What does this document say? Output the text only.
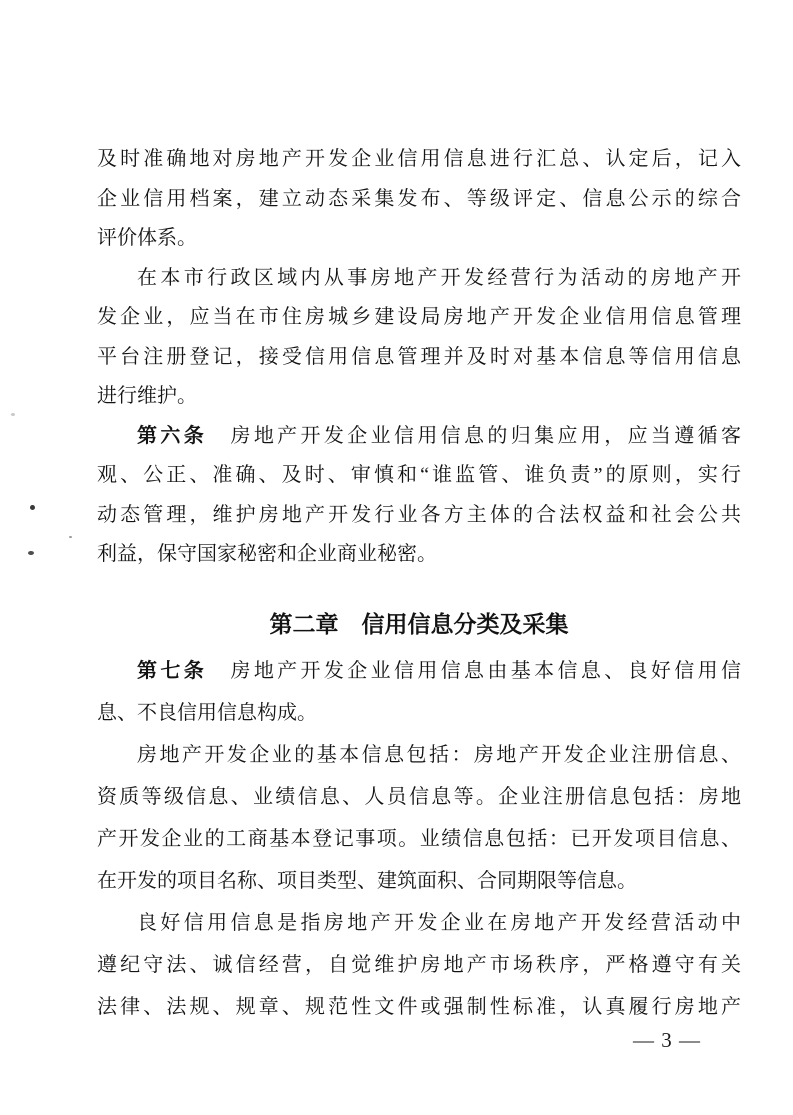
及时准确地对房地产开发企业信用信息进行汇总、认定后，记入
企业信用档案，建立动态采集发布、等级评定、信息公示的综合
评价体系。
在本市行政区域内从事房地产开发经营行为活动的房地产开
发企业，应当在市住房城乡建设局房地产开发企业信用信息管理
平台注册登记，接受信用信息管理并及时对基本信息等信用信息
进行维护。
第六条　房地产开发企业信用信息的归集应用，应当遵循客
观、公正、准确、及时、审慎和“谁监管、谁负责”的原则，实行
动态管理，维护房地产开发行业各方主体的合法权益和社会公共
利益，保守国家秘密和企业商业秘密。
第二章　信用信息分类及采集
第七条　房地产开发企业信用信息由基本信息、良好信用信
息、不良信用信息构成。
房地产开发企业的基本信息包括：房地产开发企业注册信息、
资质等级信息、业绩信息、人员信息等。企业注册信息包括：房地
产开发企业的工商基本登记事项。业绩信息包括：已开发项目信息、
在开发的项目名称、项目类型、建筑面积、合同期限等信息。
良好信用信息是指房地产开发企业在房地产开发经营活动中
遵纪守法、诚信经营，自觉维护房地产市场秩序，严格遵守有关
法律、法规、规章、规范性文件或强制性标准，认真履行房地产
— 3 —
